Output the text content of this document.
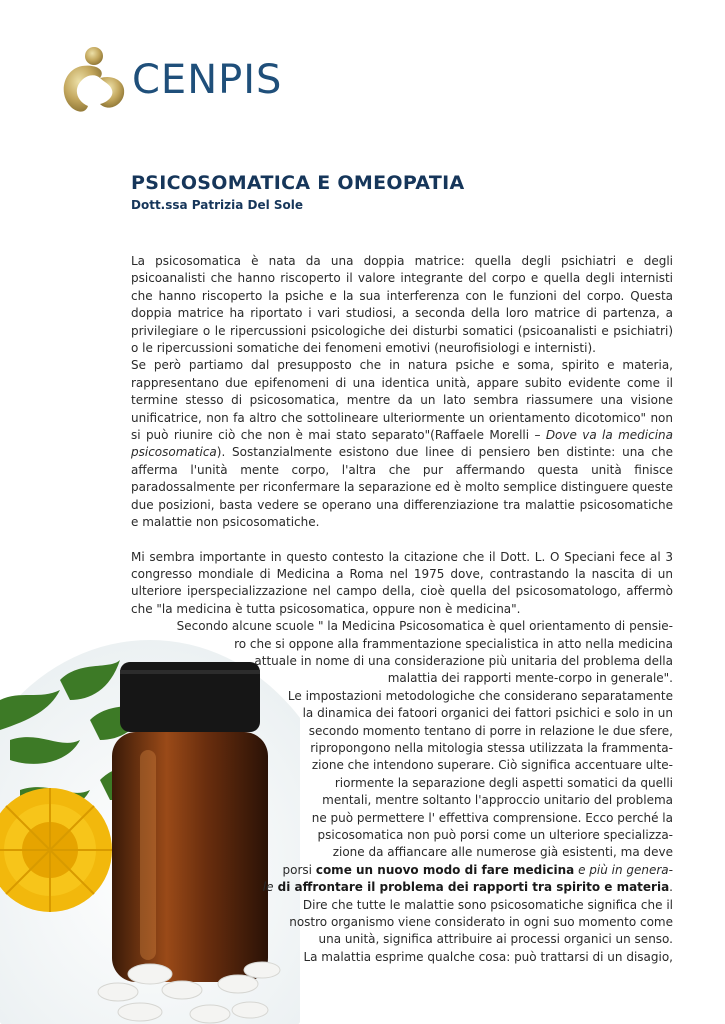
CENPIS
PSICOSOMATICA E OMEOPATIA
Dott.ssa Patrizia Del Sole

La psicosomatica è nata da una doppia matrice: quella degli psichiatri e degli psicoanalisti che hanno riscoperto il valore integrante del corpo e quella degli internisti che hanno riscoperto la psiche e la sua interferenza con le funzioni del corpo. Questa doppia matrice ha riportato i vari studiosi, a seconda della loro matrice di partenza, a privilegiare o le ripercussioni psicologiche dei disturbi somatici (psicoanalisti e psichiatri) o le ripercussioni somatiche dei fenomeni emotivi (neurofisiologi e internisti).

Se però partiamo dal presupposto che in natura psiche e soma, spirito e materia, rappresentano due epifenomeni di una identica unità, appare subito evidente come il termine stesso di psicosomatica, mentre da un lato sembra riassumere una visione unificatrice, non fa altro che sottolineare ulteriormente un orientamento dicotomico" non si può riunire ciò che non è mai stato separato"(Raffaele Morelli – Dove va la medicina psicosomatica). Sostanzialmente esistono due linee di pensiero ben distinte: una che afferma l'unità mente corpo, l'altra che pur affermando questa unità finisce paradossalmente per riconfermare la separazione ed è molto semplice distinguere queste due posizioni, basta vedere se operano una differenziazione tra malattie psicosomatiche e malattie non psicosomatiche.

Mi sembra importante in questo contesto la citazione che il Dott. L. O Speciani fece al 3 congresso mondiale di Medicina a Roma nel 1975 dove, contrastando la nascita di un ulteriore iperspecializzazione nel campo della, cioè quella del psicosomatologo, affermò che "la medicina è tutta psicosomatica, oppure non è medicina".

Secondo alcune scuole " la Medicina Psicosomatica è quel orientamento di pensie-
ro che si oppone alla frammentazione specialistica in atto nella medicina
attuale in nome di una considerazione più unitaria del problema della
malattia dei rapporti mente-corpo in generale".
Le impostazioni metodologiche che considerano separatamente
la dinamica dei fatoori organici dei fattori psichici e solo in un
secondo momento tentano di porre in relazione le due sfere,
ripropongono nella mitologia stessa utilizzata la frammenta-
zione che intendono superare. Ciò significa accentuare ulte-
riormente la separazione degli aspetti somatici da quelli
mentali, mentre soltanto l'approccio unitario del problema
ne può permettere l' effettiva comprensione. Ecco perché la
psicosomatica non può porsi come un ulteriore specializza-
zione da affiancare alle numerose già esistenti, ma deve
porsi come un nuovo modo di fare medicina e più in genera-
le di affrontare il problema dei rapporti tra spirito e materia.
Dire che tutte le malattie sono psicosomatiche significa che il
nostro organismo viene considerato in ogni suo momento come
una unità, significa attribuire ai processi organici un senso.
La malattia esprime qualche cosa: può trattarsi di un disagio,
